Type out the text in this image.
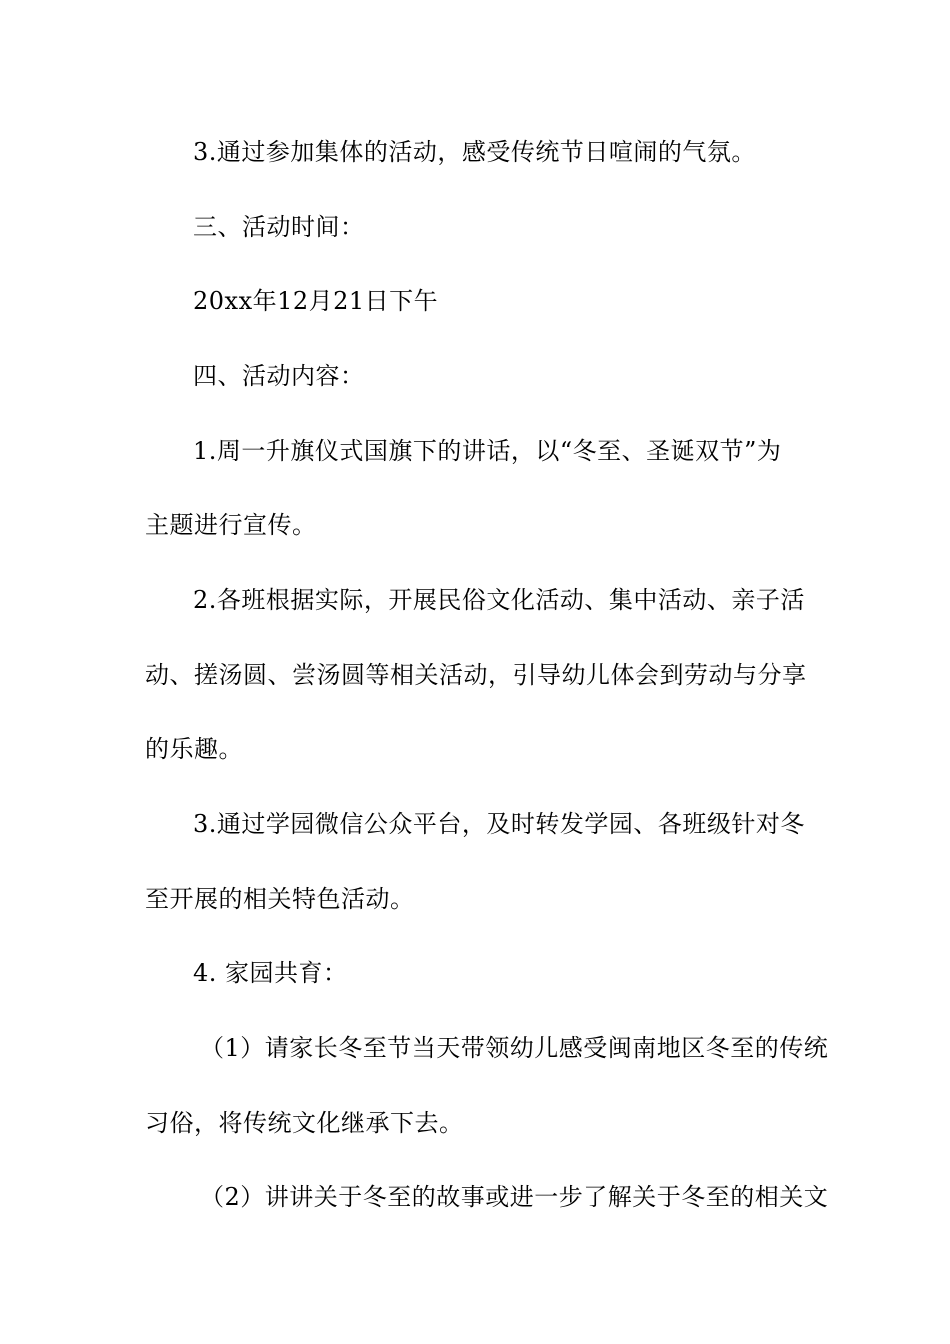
3.通过参加集体的活动，感受传统节日喧闹的气氛。
三、活动时间：
20xx年12月21日下午
四、活动内容：
1.周一升旗仪式国旗下的讲话，以“冬至、圣诞双节”为
主题进行宣传。
2.各班根据实际，开展民俗文化活动、集中活动、亲子活
动、搓汤圆、尝汤圆等相关活动，引导幼儿体会到劳动与分享
的乐趣。
3.通过学园微信公众平台，及时转发学园、各班级针对冬
至开展的相关特色活动。
4. 家园共育：
（1）请家长冬至节当天带领幼儿感受闽南地区冬至的传统
习俗，将传统文化继承下去。
（2）讲讲关于冬至的故事或进一步了解关于冬至的相关文
